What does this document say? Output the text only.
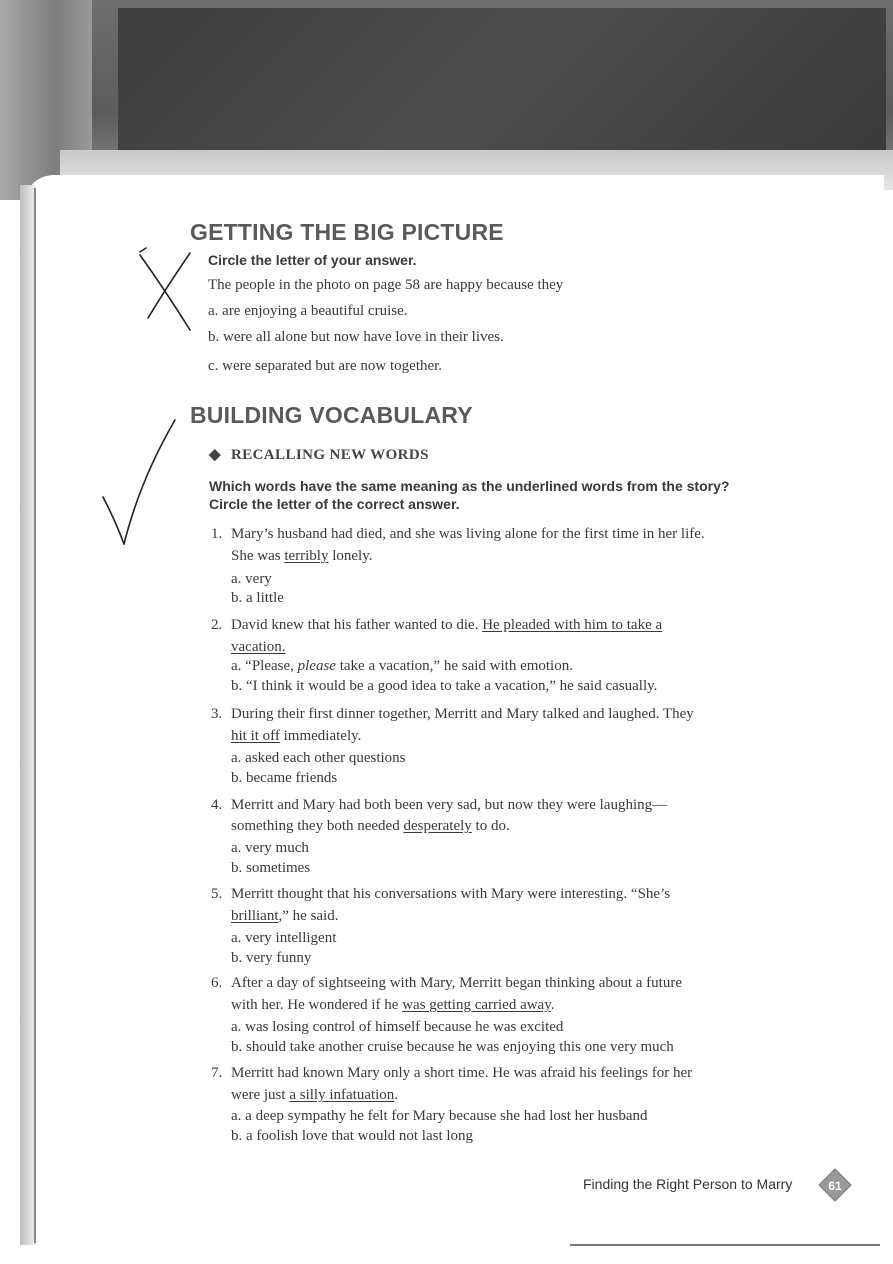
GETTING THE BIG PICTURE
Circle the letter of your answer.
The people in the photo on page 58 are happy because they
a. are enjoying a beautiful cruise.
b. were all alone but now have love in their lives.
c. were separated but are now together.
BUILDING VOCABULARY
◆ RECALLING NEW WORDS
Which words have the same meaning as the underlined words from the story?
Circle the letter of the correct answer.
1. Mary’s husband had died, and she was living alone for the first time in her life.
She was terribly lonely.
a. very
b. a little
2. David knew that his father wanted to die. He pleaded with him to take a
vacation.
a. “Please, please take a vacation,” he said with emotion.
b. “I think it would be a good idea to take a vacation,” he said casually.
3. During their first dinner together, Merritt and Mary talked and laughed. They
hit it off immediately.
a. asked each other questions
b. became friends
4. Merritt and Mary had both been very sad, but now they were laughing—
something they both needed desperately to do.
a. very much
b. sometimes
5. Merritt thought that his conversations with Mary were interesting. “She’s
brilliant,” he said.
a. very intelligent
b. very funny
6. After a day of sightseeing with Mary, Merritt began thinking about a future
with her. He wondered if he was getting carried away.
a. was losing control of himself because he was excited
b. should take another cruise because he was enjoying this one very much
7. Merritt had known Mary only a short time. He was afraid his feelings for her
were just a silly infatuation.
a. a deep sympathy he felt for Mary because she had lost her husband
b. a foolish love that would not last long
Finding the Right Person to Marry	61
